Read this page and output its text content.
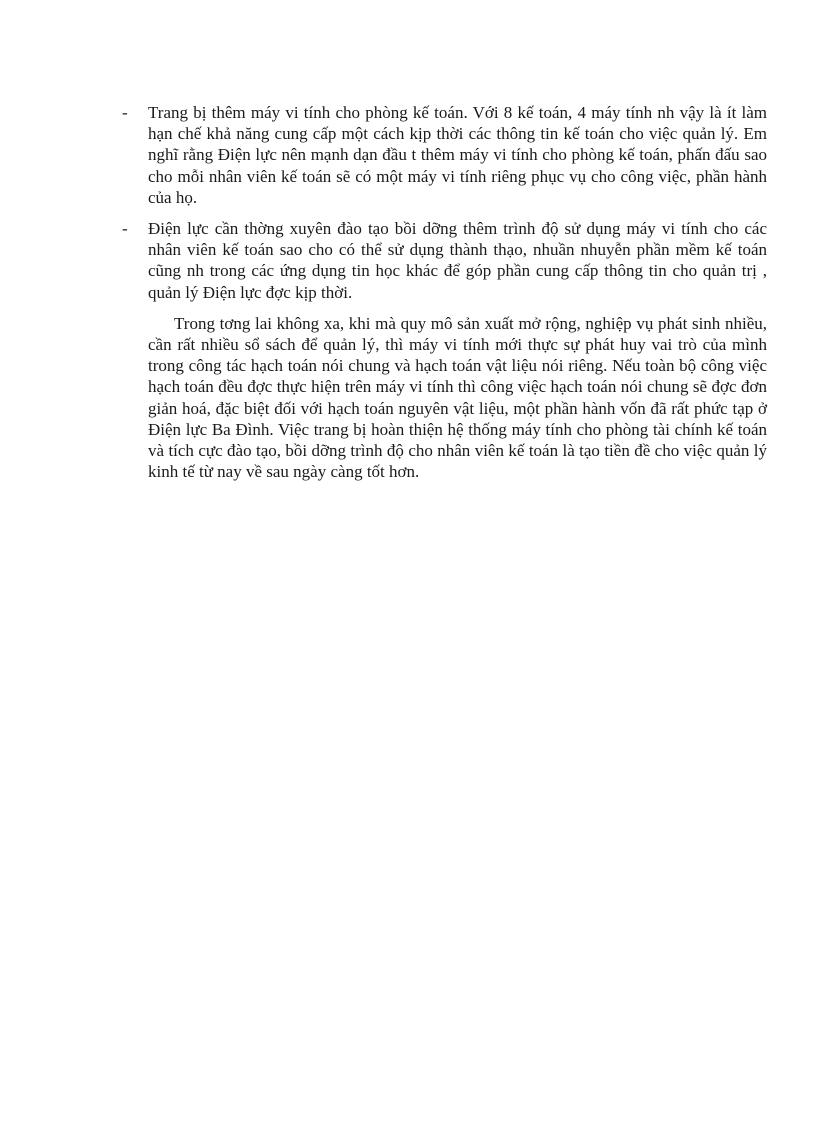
-	Trang bị thêm máy vi tính cho phòng kế toán. Với 8 kế toán, 4 máy tính nh vậy là ít làm hạn chế khả năng cung cấp một cách kịp thời các thông tin kế toán cho việc quản lý. Em nghĩ rằng Điện lực nên mạnh dạn đầu t thêm máy vi tính cho phòng kế toán, phấn đấu sao cho mỗi nhân viên kế toán sẽ có một máy vi tính riêng phục vụ cho công việc, phần hành của họ.

-	Điện lực cần thờng xuyên đào tạo bồi dỡng thêm trình độ sử dụng máy vi tính cho các nhân viên kế toán sao cho có thể sử dụng thành thạo, nhuần nhuyễn phần mềm kế toán cũng nh trong các ứng dụng tin học khác để góp phần cung cấp thông tin cho quản trị , quản lý Điện lực đợc kịp thời.

Trong tơng lai không xa, khi mà quy mô sản xuất mở rộng, nghiệp vụ phát sinh nhiều, cần rất nhiều sổ sách để quản lý, thì máy vi tính mới thực sự phát huy vai trò của mình trong công tác hạch toán nói chung và hạch toán vật liệu nói riêng. Nếu toàn bộ công việc hạch toán đều đợc thực hiện trên máy vi tính thì công việc hạch toán nói chung sẽ đợc đơn giản hoá, đặc biệt đối với hạch toán nguyên vật liệu, một phần hành vốn đã rất phức tạp ở Điện lực Ba Đình. Việc trang bị hoàn thiện hệ thống máy tính cho phòng tài chính kế toán và tích cực đào tạo, bồi dỡng trình độ cho nhân viên kế toán là tạo tiền đề cho việc quản lý kinh tế từ nay về sau ngày càng tốt hơn.
